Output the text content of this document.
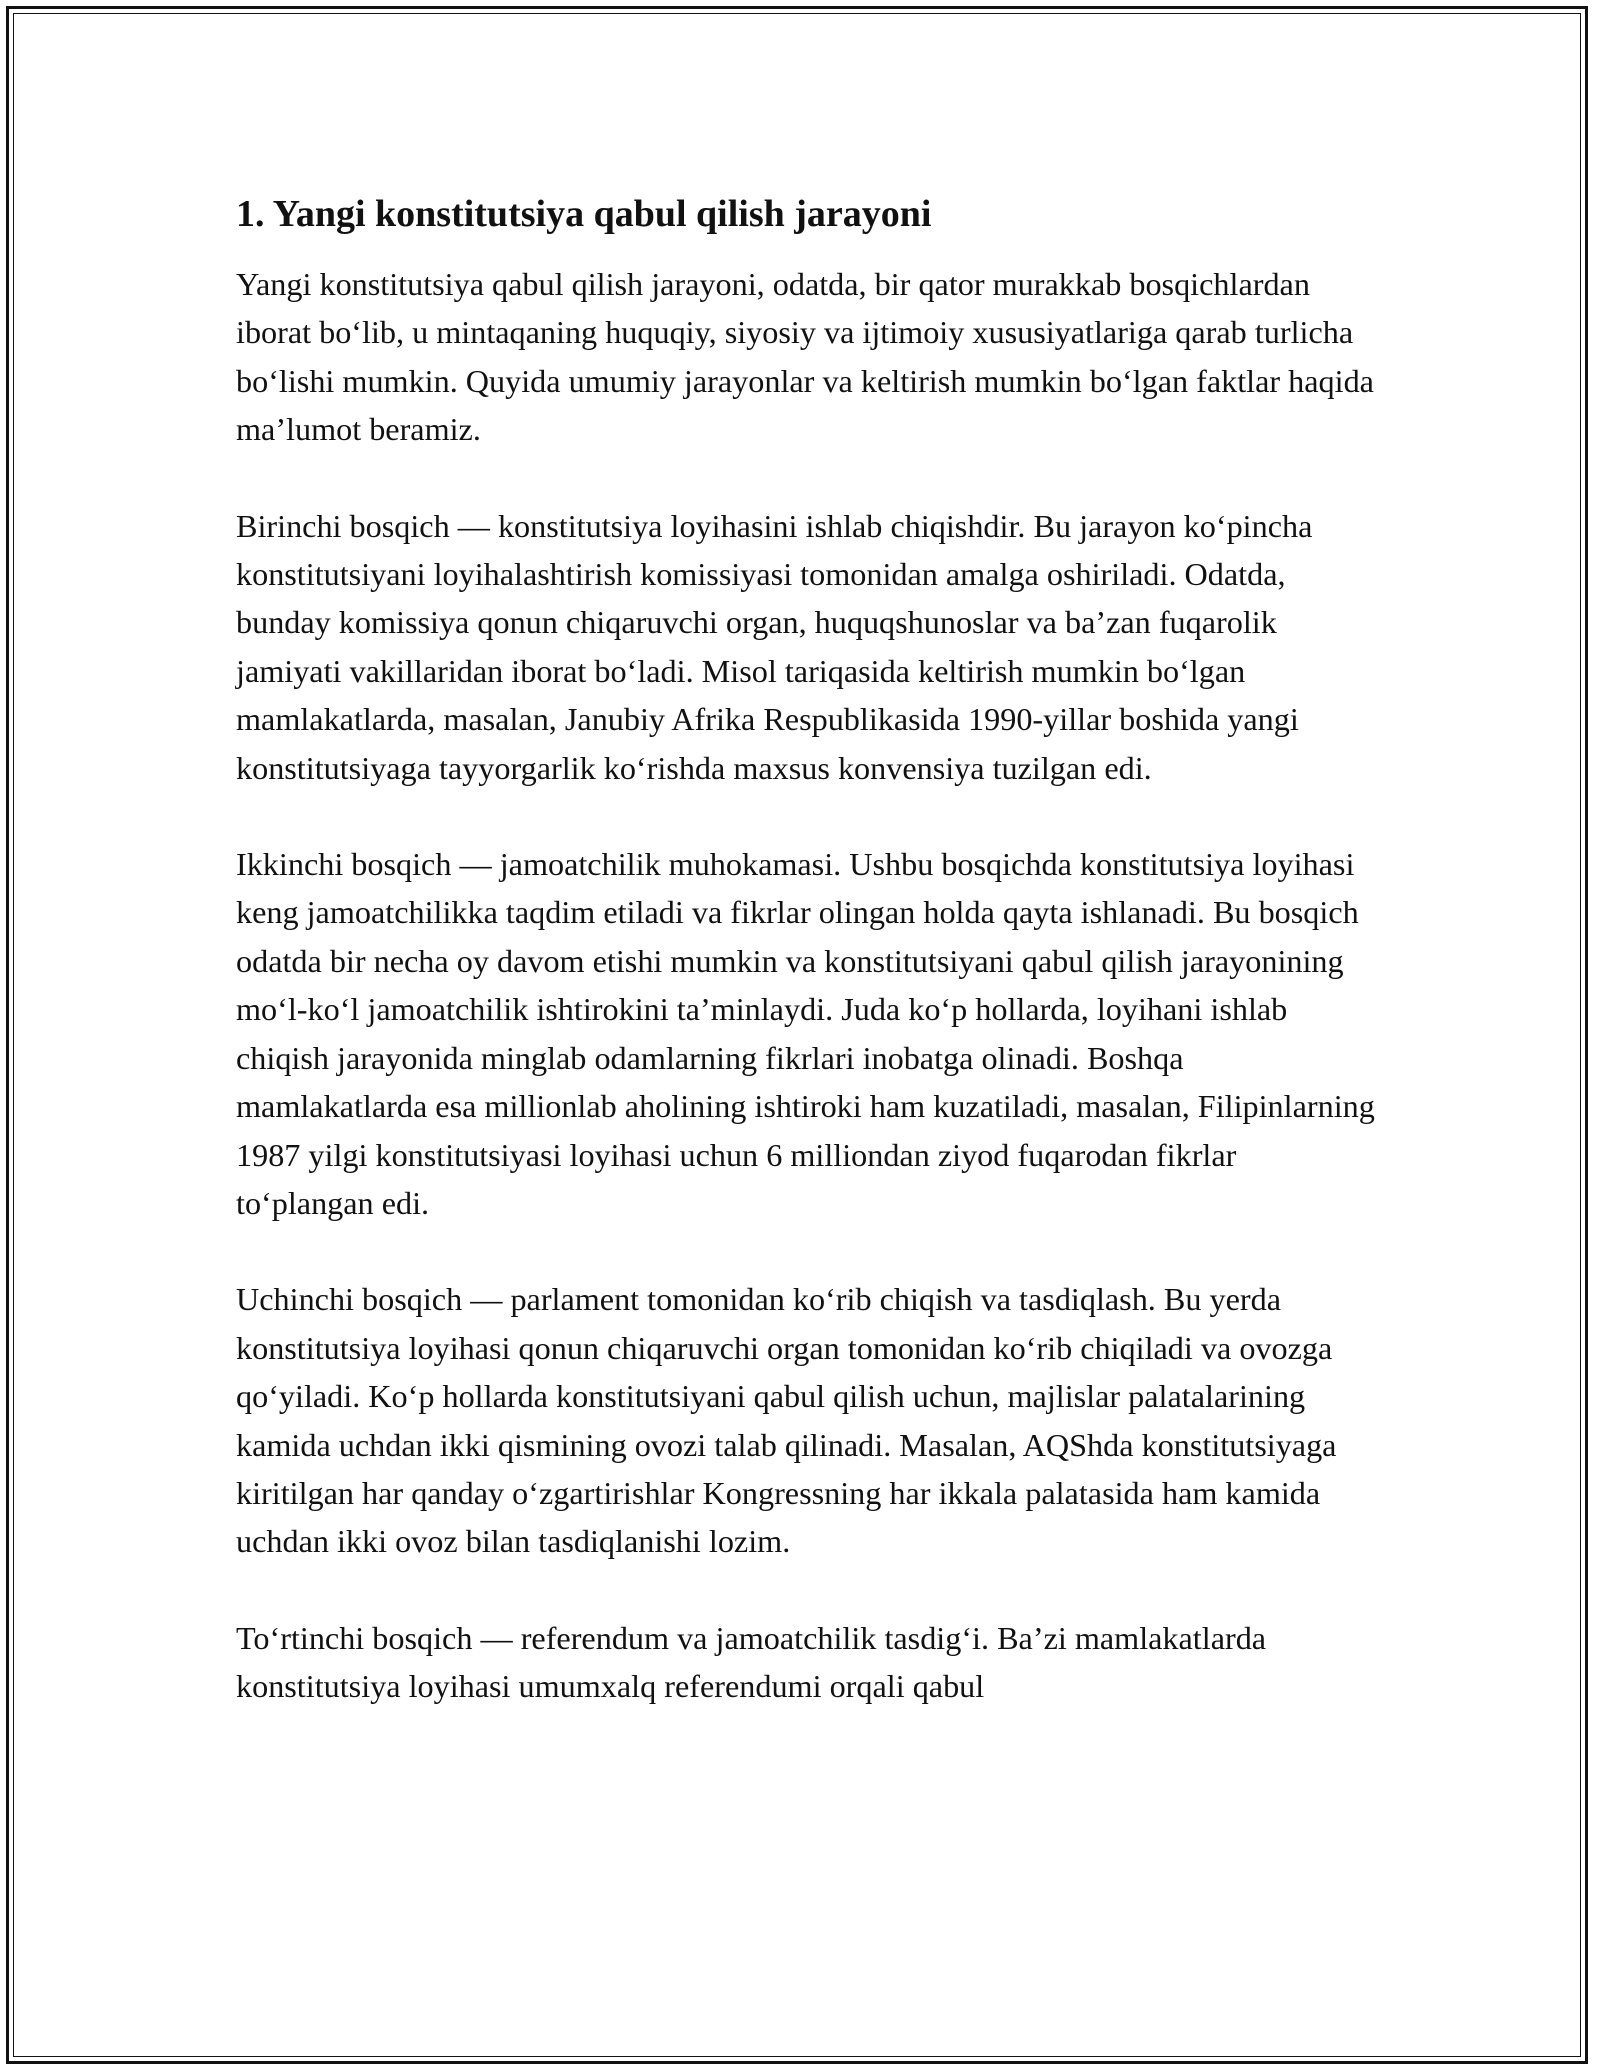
1. Yangi konstitutsiya qabul qilish jarayoni

Yangi konstitutsiya qabul qilish jarayoni, odatda, bir qator murakkab bosqichlardan iborat bo‘lib, u mintaqaning huquqiy, siyosiy va ijtimoiy xususiyatlariga qarab turlicha bo‘lishi mumkin. Quyida umumiy jarayonlar va keltirish mumkin bo‘lgan faktlar haqida ma’lumot beramiz.

Birinchi bosqich — konstitutsiya loyihasini ishlab chiqishdir. Bu jarayon ko‘pincha konstitutsiyani loyihalashtirish komissiyasi tomonidan amalga oshiriladi. Odatda, bunday komissiya qonun chiqaruvchi organ, huquqshunoslar va ba’zan fuqarolik jamiyati vakillaridan iborat bo‘ladi. Misol tariqasida keltirish mumkin bo‘lgan mamlakatlarda, masalan, Janubiy Afrika Respublikasida 1990-yillar boshida yangi konstitutsiyaga tayyorgarlik ko‘rishda maxsus konvensiya tuzilgan edi.

Ikkinchi bosqich — jamoatchilik muhokamasi. Ushbu bosqichda konstitutsiya loyihasi keng jamoatchilikka taqdim etiladi va fikrlar olingan holda qayta ishlanadi. Bu bosqich odatda bir necha oy davom etishi mumkin va konstitutsiyani qabul qilish jarayonining mo‘l-ko‘l jamoatchilik ishtirokini ta’minlaydi. Juda ko‘p hollarda, loyihani ishlab chiqish jarayonida minglab odamlarning fikrlari inobatga olinadi. Boshqa mamlakatlarda esa millionlab aholining ishtiroki ham kuzatiladi, masalan, Filipinlarning 1987 yilgi konstitutsiyasi loyihasi uchun 6 milliondan ziyod fuqarodan fikrlar to‘plangan edi.

Uchinchi bosqich — parlament tomonidan ko‘rib chiqish va tasdiqlash. Bu yerda konstitutsiya loyihasi qonun chiqaruvchi organ tomonidan ko‘rib chiqiladi va ovozga qo‘yiladi. Ko‘p hollarda konstitutsiyani qabul qilish uchun, majlislar palatalarining kamida uchdan ikki qismining ovozi talab qilinadi. Masalan, AQShda konstitutsiyaga kiritilgan har qanday o‘zgartirishlar Kongressning har ikkala palatasida ham kamida uchdan ikki ovoz bilan tasdiqlanishi lozim.

To‘rtinchi bosqich — referendum va jamoatchilik tasdig‘i. Ba’zi mamlakatlarda konstitutsiya loyihasi umumxalq referendumi orqali qabul
